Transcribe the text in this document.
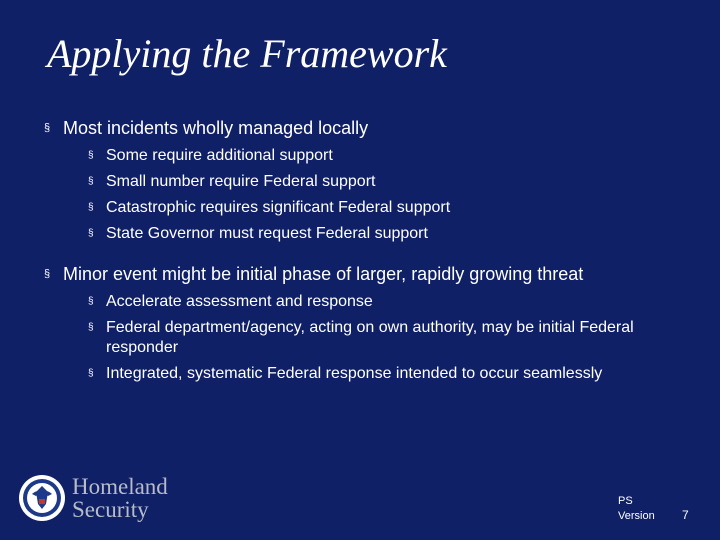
Applying the Framework
§ Most incidents wholly managed locally
§ Some require additional support
§ Small number require Federal support
§ Catastrophic requires significant Federal support
§ State Governor must request Federal support
§ Minor event might be initial phase of larger, rapidly growing threat
§ Accelerate assessment and response
§ Federal department/agency, acting on own authority, may be initial Federal responder
§ Integrated, systematic Federal response intended to occur seamlessly
Homeland
Security	PS
Version 7
